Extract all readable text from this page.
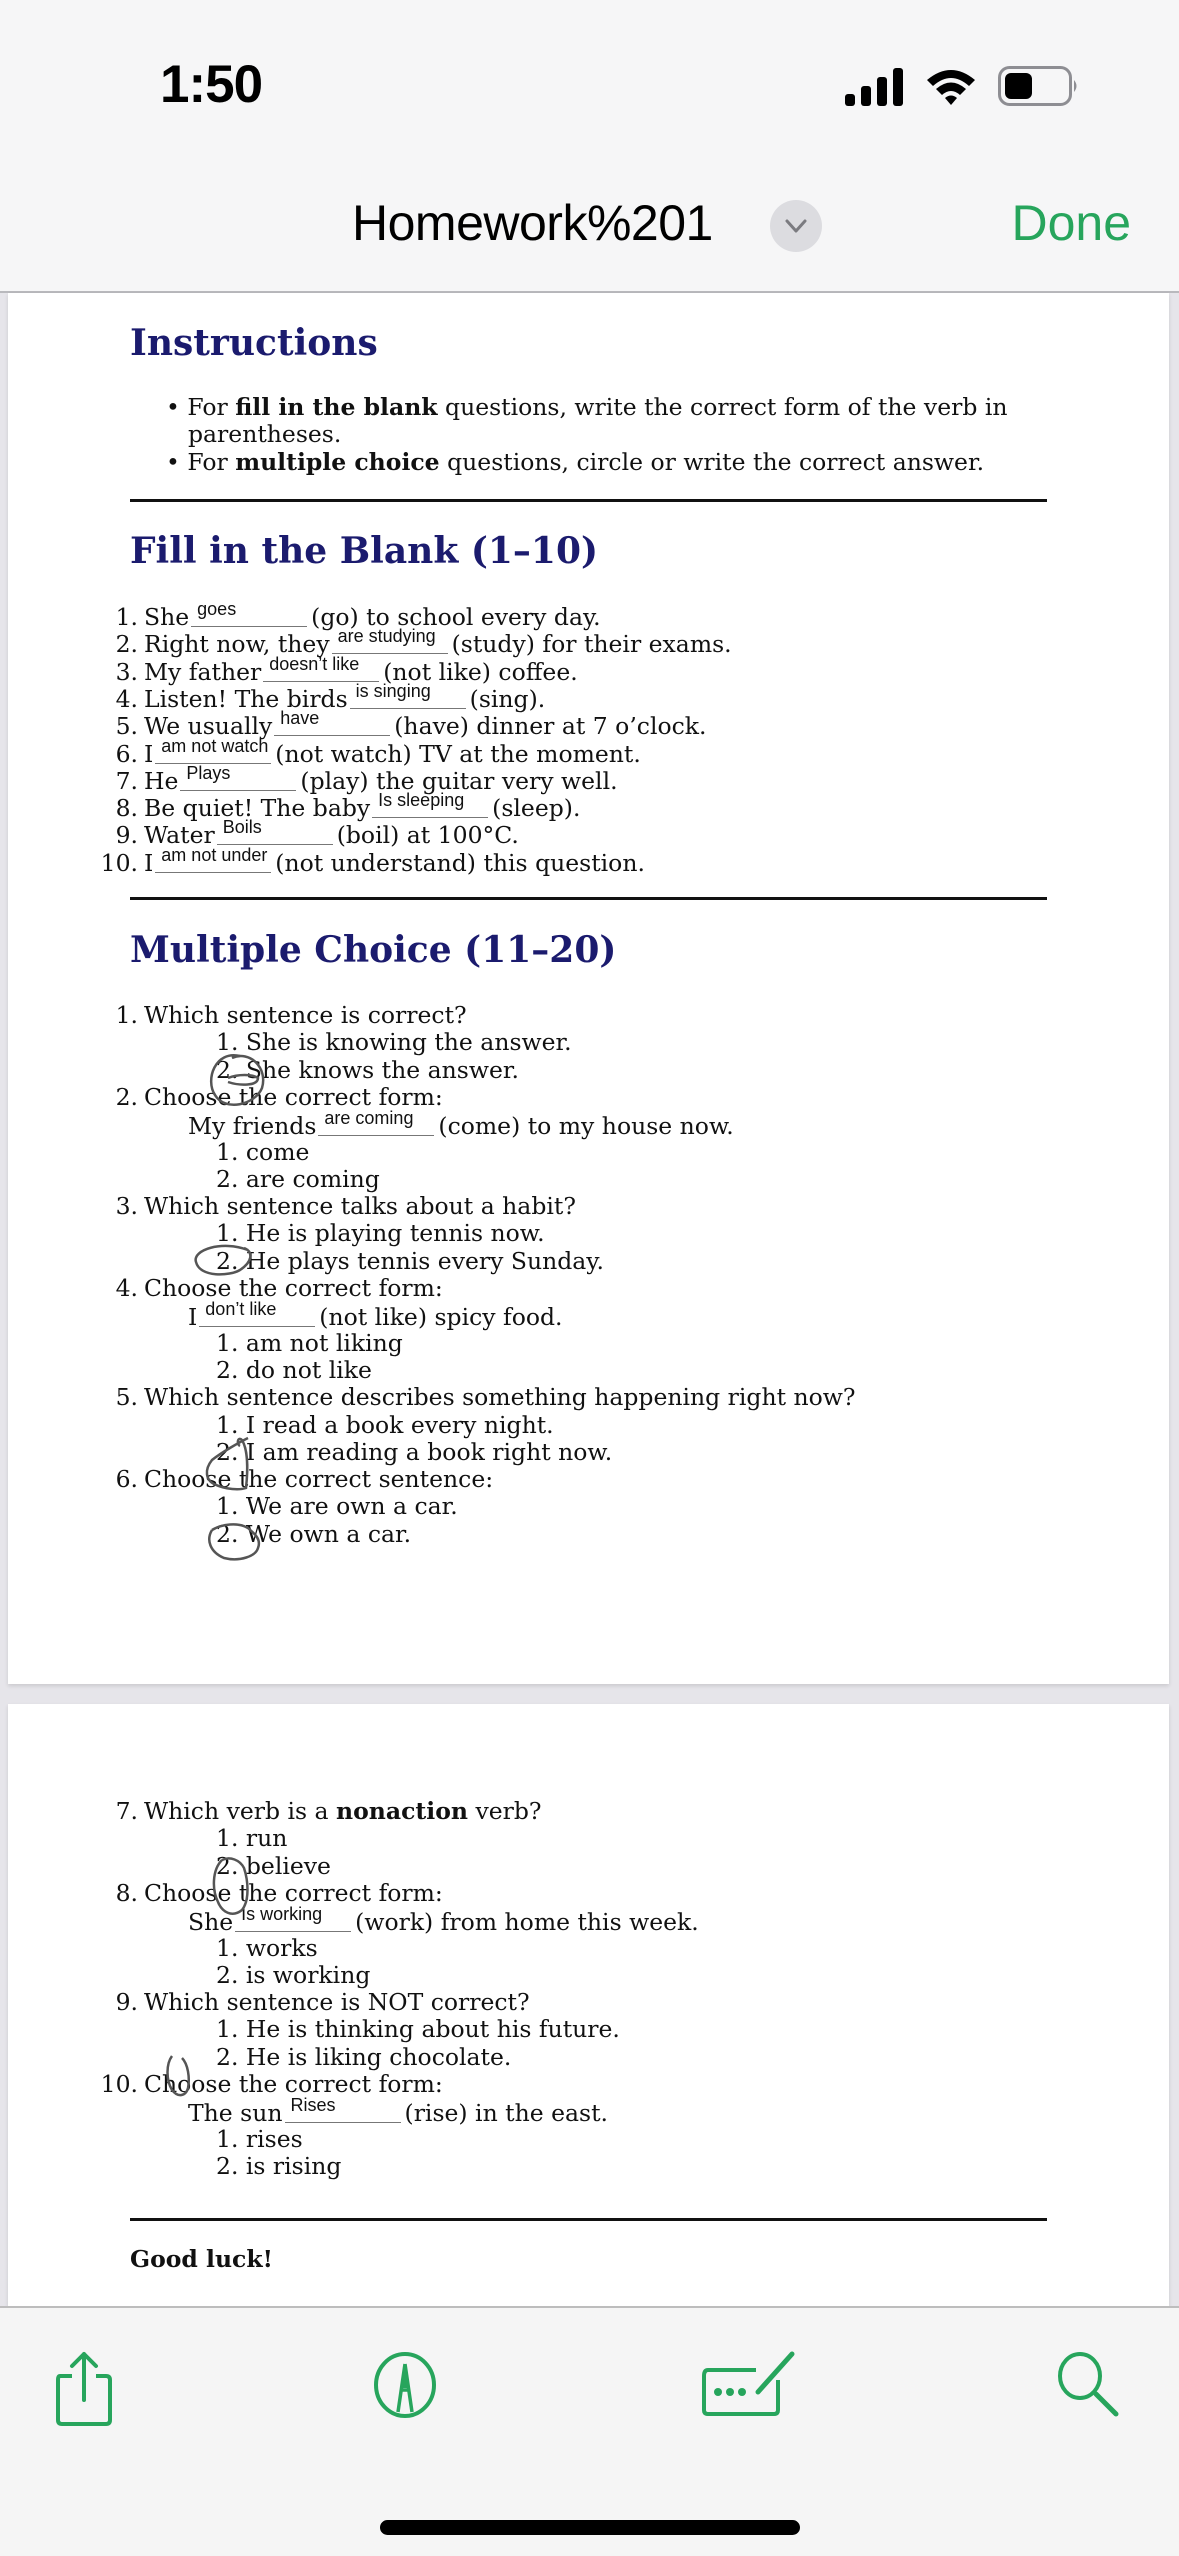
1:50
Homework%201	Done
Instructions
• For fill in the blank questions, write the correct form of the verb in
parentheses.
• For multiple choice questions, circle or write the correct answer.
Fill in the Blank (1–10)
1. She goes	(go) to school every day.
2. Right now, they are studying (study) for their exams.
3. My father doesn’t like	(not like) coffee.
4. Listen! The birds is singing	(sing).
5. We usually have	(have) dinner at 7 o’clock.
6. I am not watch (not watch) TV at the moment.
7. He Plays	(play) the guitar very well.
8. Be quiet! The baby Is sleeping	(sleep).
9. Water Boils	(boil) at 100°C.
10. I am not under (not understand) this question.
Multiple Choice (11–20)
1. Which sentence is correct?
1. She is knowing the answer.
2. She knows the answer.
2. Choose the correct form:
My friends are coming	(come) to my house now.
1. come
2. are coming
3. Which sentence talks about a habit?
1. He is playing tennis now.
2. He plays tennis every Sunday.
4. Choose the correct form:
I don’t like	(not like) spicy food.
1. am not liking
2. do not like
5. Which sentence describes something happening right now?
1. I read a book every night.
2. I am reading a book right now.
6. Choose the correct sentence:
1. We are own a car.
2. We own a car.
7. Which verb is a nonaction verb?
1. run
2. believe
8. Choose the correct form:
She Is working	(work) from home this week.
1. works
2. is working
9. Which sentence is NOT correct?
1. He is thinking about his future.
2. He is liking chocolate.
10. Choose the correct form:
The sun Rises	(rise) in the east.
1. rises
2. is rising
Good luck!
